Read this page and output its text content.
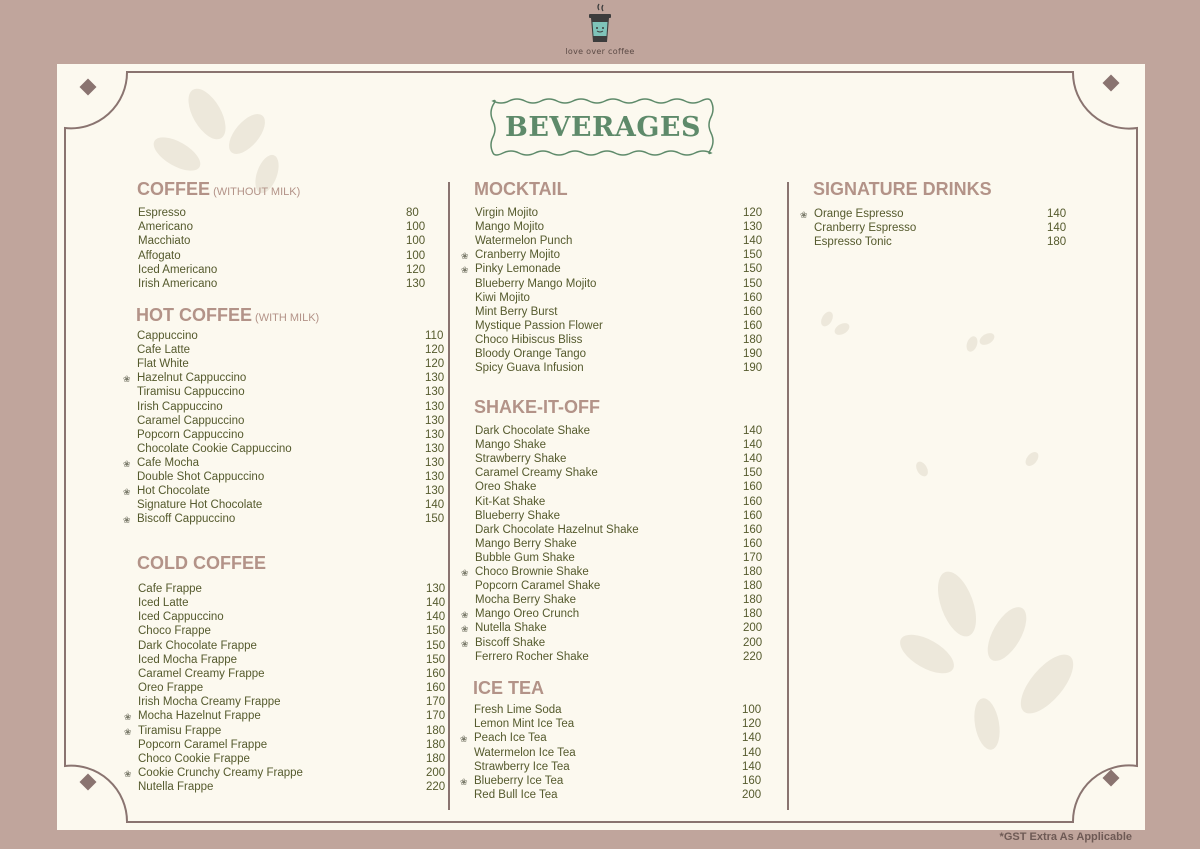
love over coffee
BEVERAGES
COFFEE (WITHOUT MILK)
Espresso	80
Americano	100
Macchiato	100
Affogato	100
Iced Americano	120
Irish Americano	130
HOT COFFEE (WITH MILK)
Cappuccino	110
Cafe Latte	120
Flat White	120
❀ Hazelnut Cappuccino	130
Tiramisu Cappuccino	130
Irish Cappuccino	130
Caramel Cappuccino	130
Popcorn Cappuccino	130
Chocolate Cookie Cappuccino	130
❀ Cafe Mocha	130
Double Shot Cappuccino	130
❀ Hot Chocolate	130
Signature Hot Chocolate	140
❀ Biscoff Cappuccino	150
COLD COFFEE
Cafe Frappe	130
Iced Latte	140
Iced Cappuccino	140
Choco Frappe	150
Dark Chocolate Frappe	150
Iced Mocha Frappe	150
Caramel Creamy Frappe	160
Oreo Frappe	160
Irish Mocha Creamy Frappe	170
❀ Mocha Hazelnut Frappe	170
❀ Tiramisu Frappe	180
Popcorn Caramel Frappe	180
Choco Cookie Frappe	180
❀ Cookie Crunchy Creamy Frappe	200
Nutella Frappe	220
MOCKTAIL
Virgin Mojito	120
Mango Mojito	130
Watermelon Punch	140
❀ Cranberry Mojito	150
❀ Pinky Lemonade	150
Blueberry Mango Mojito	150
Kiwi Mojito	160
Mint Berry Burst	160
Mystique Passion Flower	160
Choco Hibiscus Bliss	180
Bloody Orange Tango	190
Spicy Guava Infusion	190
SHAKE-IT-OFF
Dark Chocolate Shake	140
Mango Shake	140
Strawberry Shake	140
Caramel Creamy Shake	150
Oreo Shake	160
Kit-Kat Shake	160
Blueberry Shake	160
Dark Chocolate Hazelnut Shake	160
Mango Berry Shake	160
Bubble Gum Shake	170
❀ Choco Brownie Shake	180
Popcorn Caramel Shake	180
Mocha Berry Shake	180
❀ Mango Oreo Crunch	180
❀ Nutella Shake	200
❀ Biscoff Shake	200
Ferrero Rocher Shake	220
ICE TEA
Fresh Lime Soda	100
Lemon Mint Ice Tea	120
❀ Peach Ice Tea	140
Watermelon Ice Tea	140
Strawberry Ice Tea	140
❀ Blueberry Ice Tea	160
Red Bull Ice Tea	200
SIGNATURE DRINKS
❀ Orange Espresso	140
Cranberry Espresso	140
Espresso Tonic	180
*GST Extra As Applicable
